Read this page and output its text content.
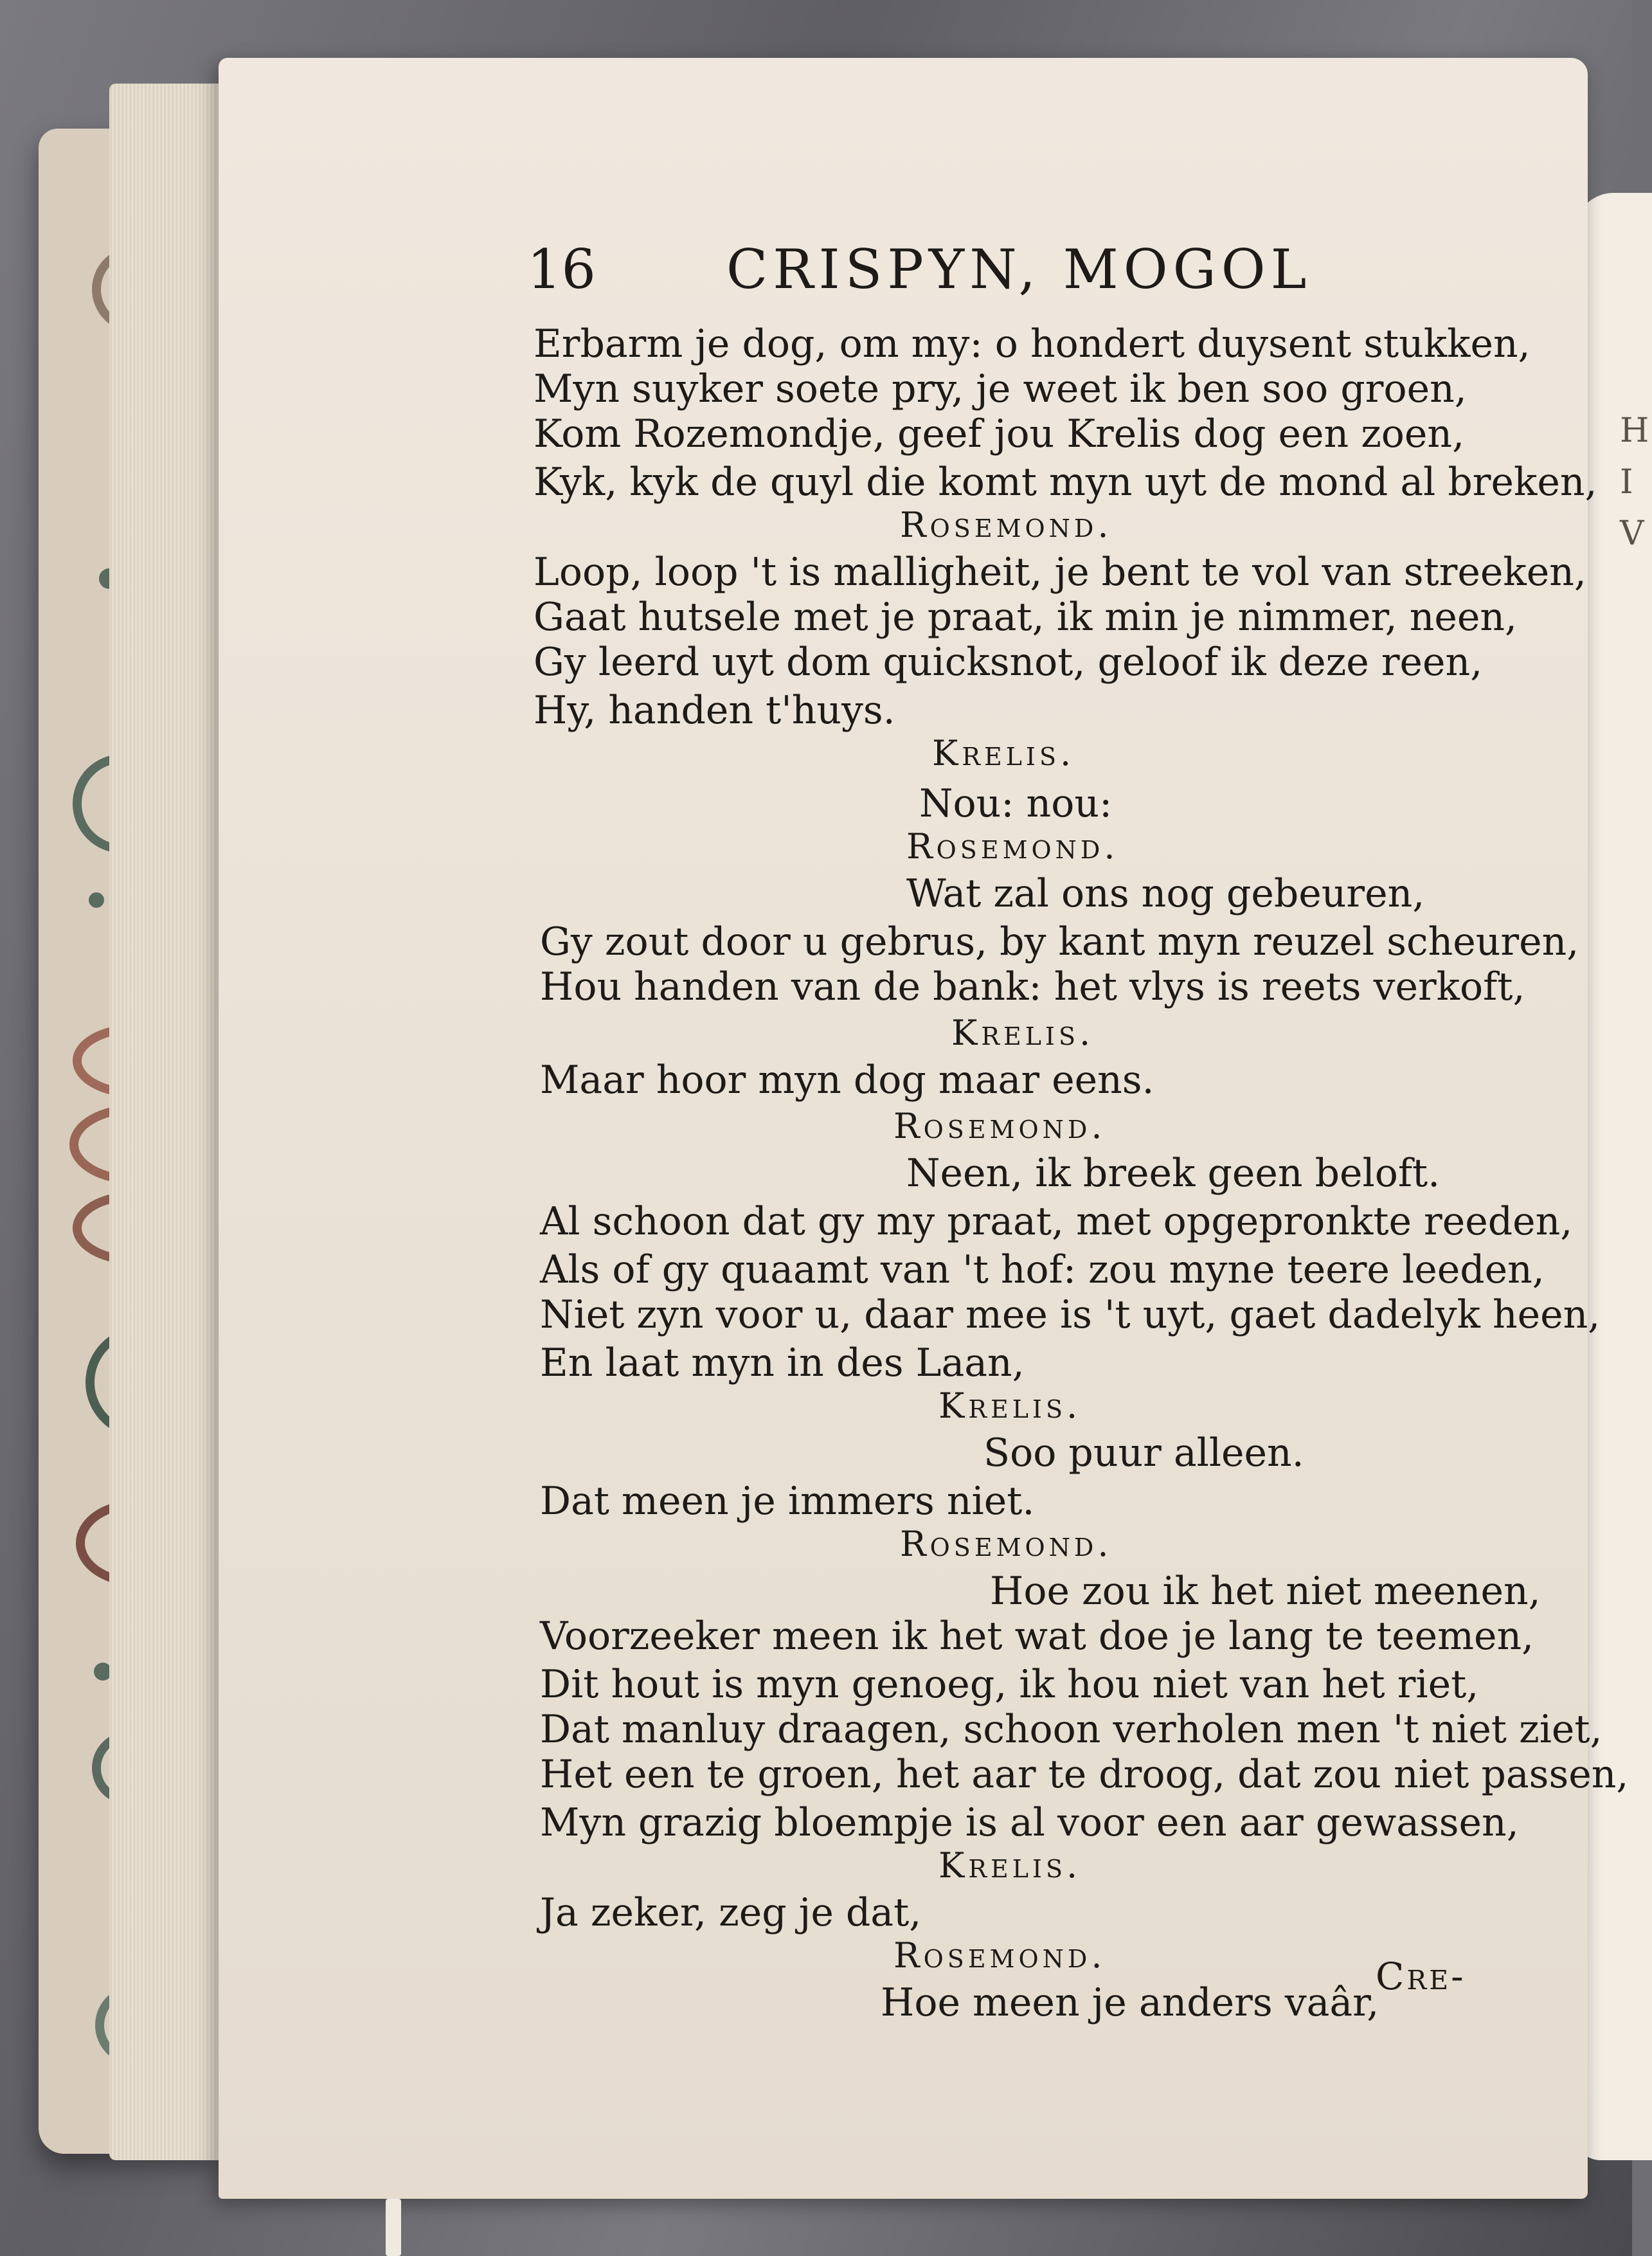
H
I
V
16 CRISPYN, MOGOL
Erbarm je dog, om my: o hondert duysent stukken,
Myn suyker soete pry, je weet ik ben soo groen,
Kom Rozemondje, geef jou Krelis dog een zoen,
Kyk, kyk de quyl die komt myn uyt de mond al breken,
Rosemond.
Loop, loop 't is malligheit, je bent te vol van streeken,
Gaat hutsele met je praat, ik min je nimmer, neen,
Gy leerd uyt dom quicksnot, geloof ik deze reen,
Hy, handen t'huys.
Krelis.
Nou: nou:
Rosemond.
Wat zal ons nog gebeuren,
Gy zout door u gebrus, by kant myn reuzel scheuren,
Hou handen van de bank: het vlys is reets verkoft,
Krelis.
Maar hoor myn dog maar eens.
Rosemond.
Neen, ik breek geen beloft.
Al schoon dat gy my praat, met opgepronkte reeden,
Als of gy quaamt van 't hof: zou myne teere leeden,
Niet zyn voor u, daar mee is 't uyt, gaet dadelyk heen,
En laat myn in des Laan,
Krelis.
Soo puur alleen.
Dat meen je immers niet.
Rosemond.
Hoe zou ik het niet meenen,
Voorzeeker meen ik het wat doe je lang te teemen,
Dit hout is myn genoeg, ik hou niet van het riet,
Dat manluy draagen, schoon verholen men 't niet ziet,
Het een te groen, het aar te droog, dat zou niet passen,
Myn grazig bloempje is al voor een aar gewassen,
Krelis.
Ja zeker, zeg je dat,
Rosemond.
Hoe meen je anders vaâr,
Cre-
